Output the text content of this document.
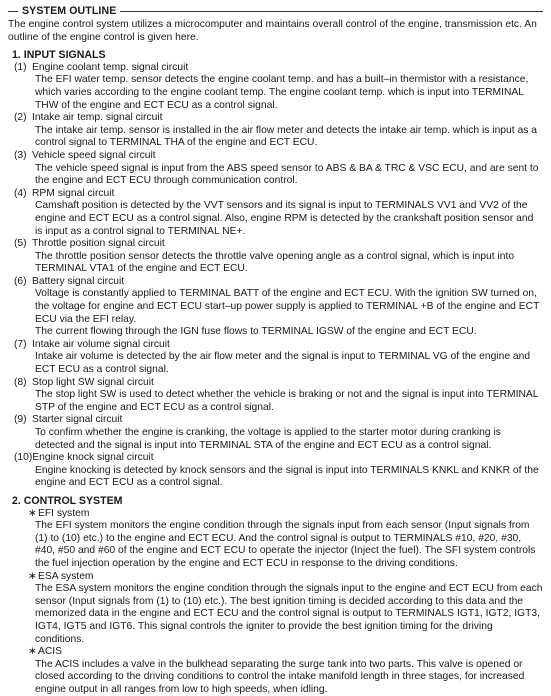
SYSTEM OUTLINE

The engine control system utilizes a microcomputer and maintains overall control of the engine, transmission etc. An outline of the engine control is given here.

1. INPUT SIGNALS
(1) Engine coolant temp. signal circuit

The EFI water temp. sensor detects the engine coolant temp. and has a built–in thermistor with a resistance, which varies according to the engine coolant temp. The engine coolant temp. which is input into TERMINAL THW of the engine and ECT ECU as a control signal.

(2) Intake air temp. signal circuit

The intake air temp. sensor is installed in the air flow meter and detects the intake air temp. which is input as a control signal to TERMINAL THA of the engine and ECT ECU.

(3) Vehicle speed signal circuit

The vehicle speed signal is input from the ABS speed sensor to ABS & BA & TRC & VSC ECU, and are sent to the engine and ECT ECU through communication control.

(4) RPM signal circuit

Camshaft position is detected by the VVT sensors and its signal is input to TERMINALS VV1 and VV2 of the engine and ECT ECU as a control signal. Also, engine RPM is detected by the crankshaft position sensor and is input as a control signal to TERMINAL NE+.

(5) Throttle position signal circuit

The throttle position sensor detects the throttle valve opening angle as a control signal, which is input into TERMINAL VTA1 of the engine and ECT ECU.

(6) Battery signal circuit

Voltage is constantly applied to TERMINAL BATT of the engine and ECT ECU. With the ignition SW turned on, the voltage for engine and ECT ECU start–up power supply is applied to TERMINAL +B of the engine and ECT ECU via the EFI relay.

The current flowing through the IGN fuse flows to TERMINAL IGSW of the engine and ECT ECU.

(7) Intake air volume signal circuit

Intake air volume is detected by the air flow meter and the signal is input to TERMINAL VG of the engine and ECT ECU as a control signal.

(8) Stop light SW signal circuit

The stop light SW is used to detect whether the vehicle is braking or not and the signal is input into TERMINAL STP of the engine and ECT ECU as a control signal.

(9) Starter signal circuit

To confirm whether the engine is cranking, the voltage is applied to the starter motor during cranking is detected and the signal is input into TERMINAL STA of the engine and ECT ECU as a control signal.

(10)Engine knock signal circuit

Engine knocking is detected by knock sensors and the signal is input into TERMINALS KNKL and KNKR of the engine and ECT ECU as a control signal.

2. CONTROL SYSTEM
∗EFI system
The EFI system monitors the engine condition through the signals input from each sensor (Input signals from (1) to (10) etc.) to the engine and ECT ECU. And the control signal is output to TERMINALS #10, #20, #30, #40, #50 and #60 of the engine and ECT ECU to operate the injector (Inject the fuel). The SFI system controls the fuel injection operation by the engine and ECT ECU in response to the driving conditions.
∗ESA system
The ESA system monitors the engine condition through the signals input to the engine and ECT ECU from each sensor (Input signals from (1) to (10) etc.). The best ignition timing is decided according to this data and the memorized data in the engine and ECT ECU and the control signal is output to TERMINALS IGT1, IGT2, IGT3, IGT4, IGT5 and IGT6. This signal controls the igniter to provide the best ignition timing for the driving conditions.
∗ACIS
The ACIS includes a valve in the bulkhead separating the surge tank into two parts. This valve is opened or closed according to the driving conditions to control the intake manifold length in three stages, for increased engine output in all ranges from low to high speeds, when idling.
